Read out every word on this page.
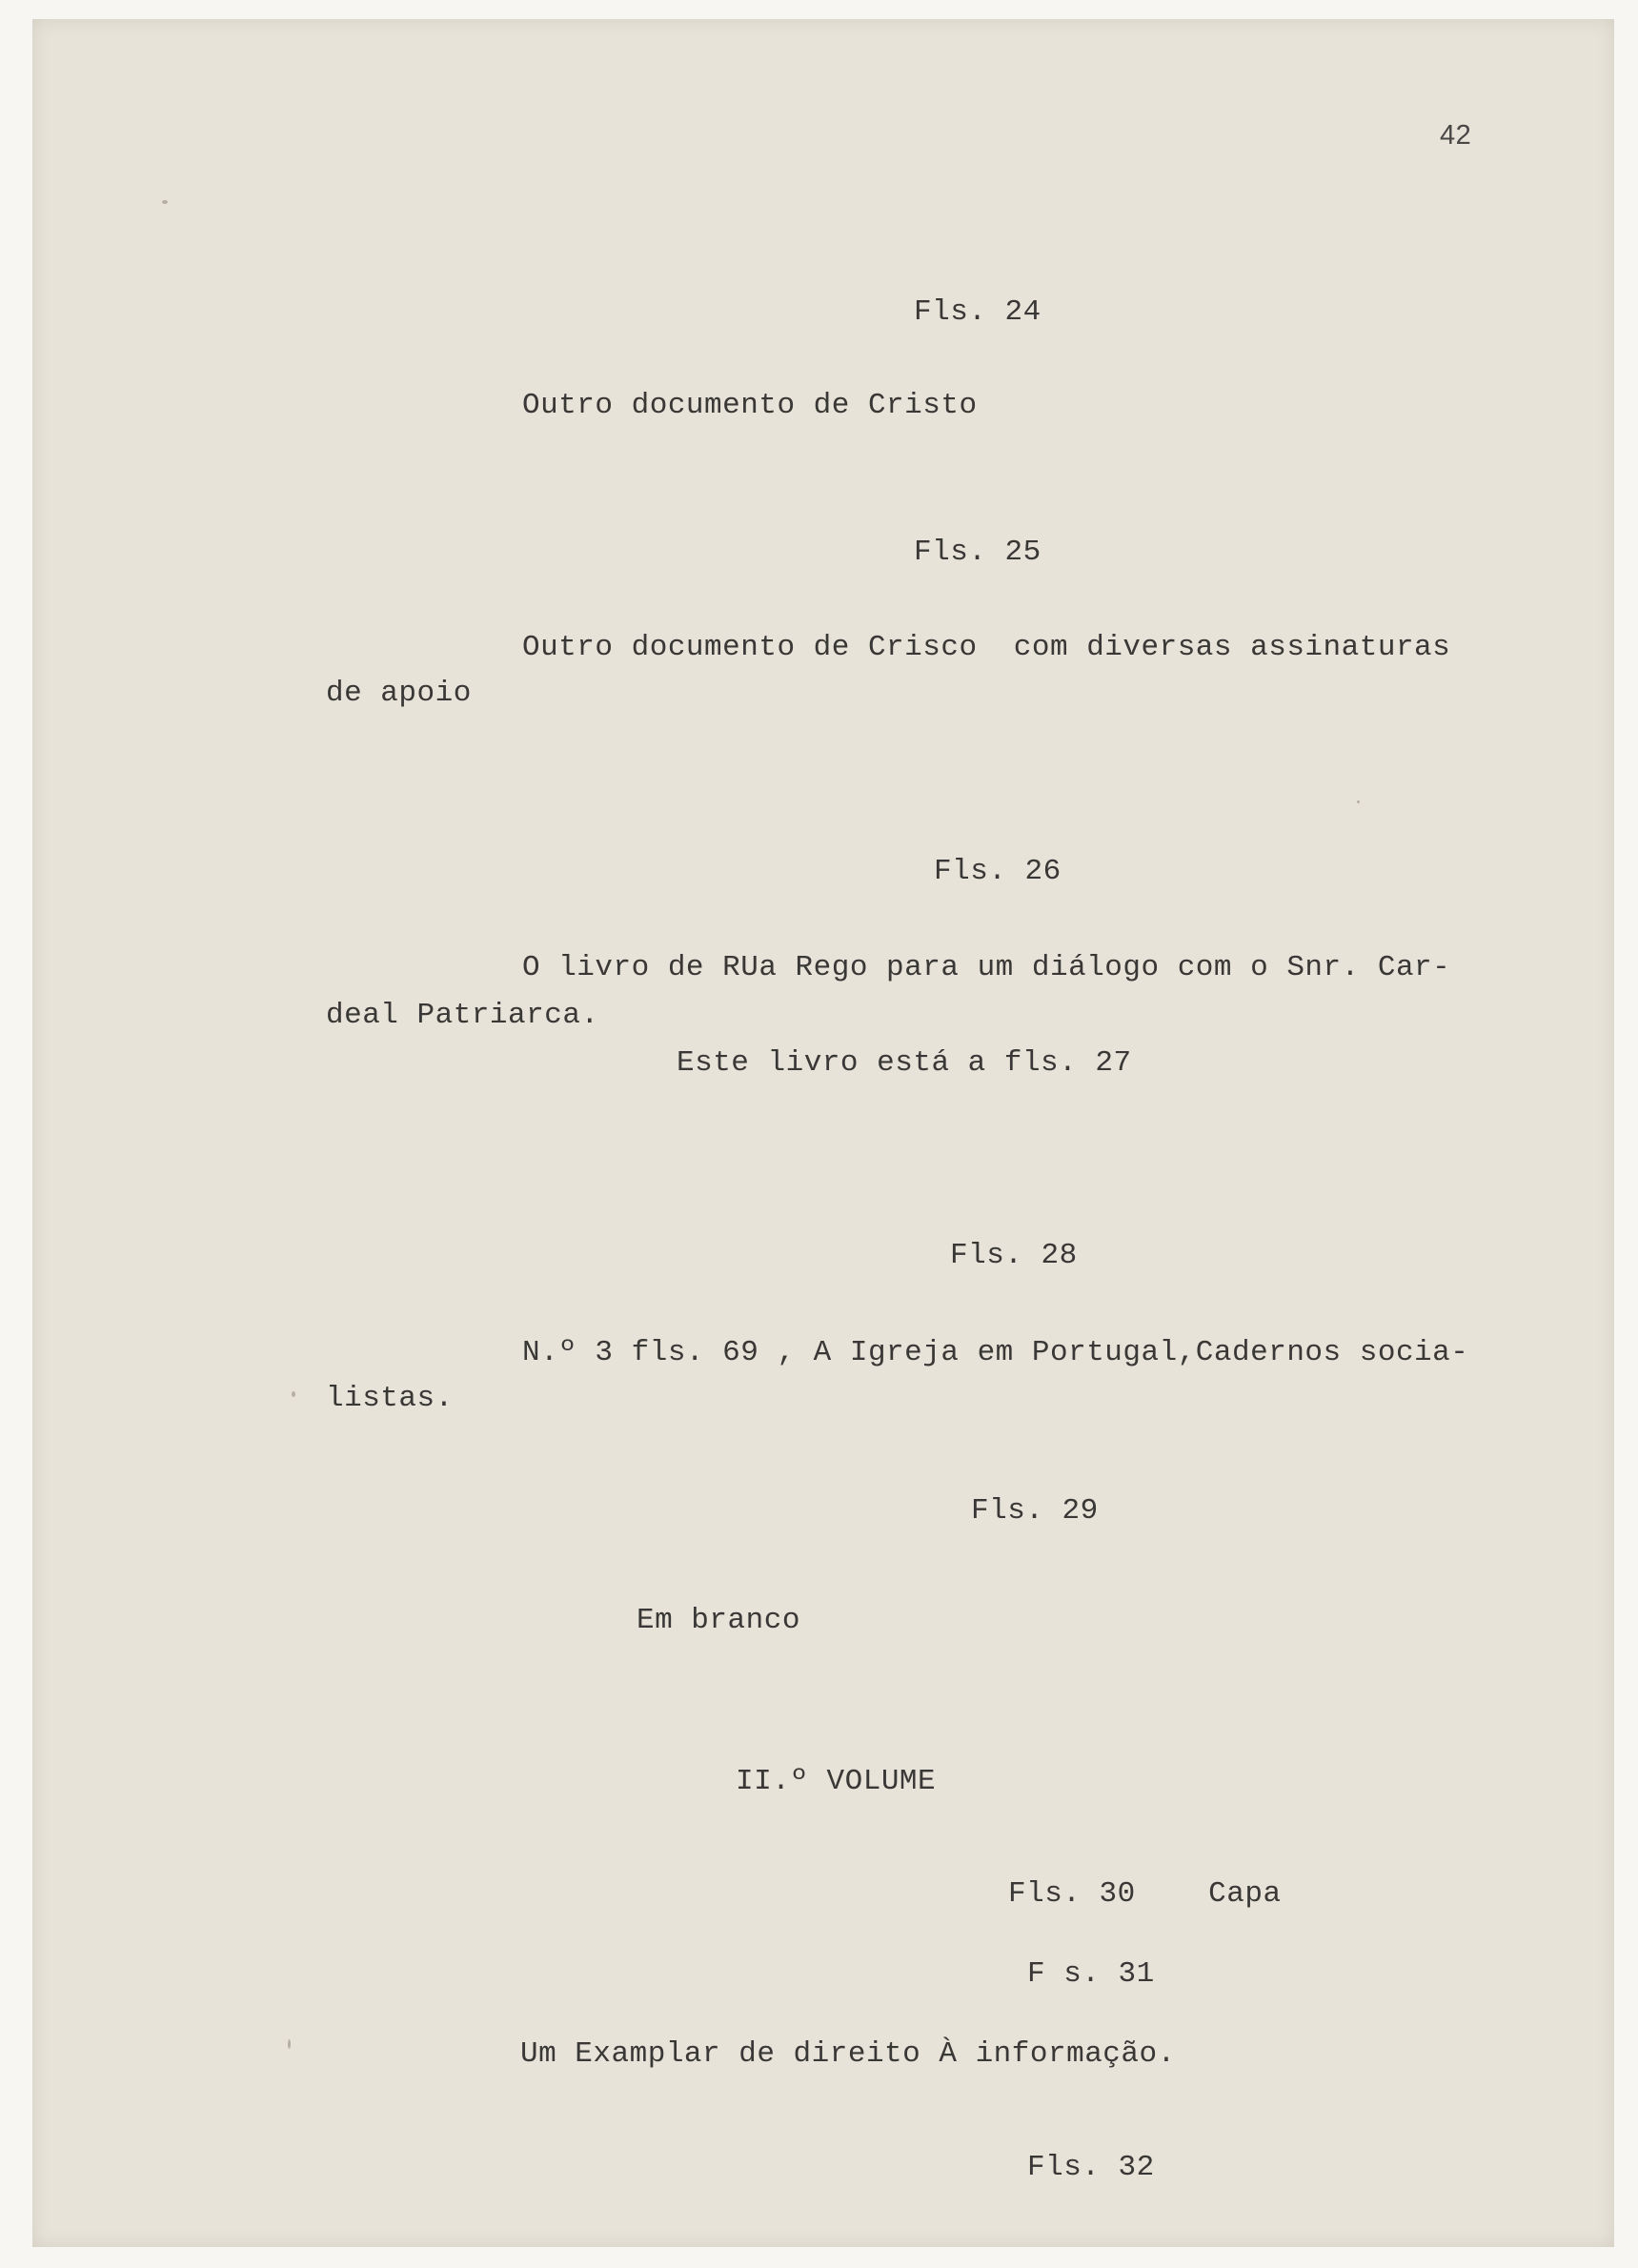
42
Fls. 24
Outro documento de Cristo
Fls. 25
Outro documento de Crisco  com diversas assinaturas
de apoio
Fls. 26
O livro de RUa Rego para um diálogo com o Snr. Car-
deal Patriarca.
Este livro está a fls. 27
Fls. 28
N.º 3 fls. 69 , A Igreja em Portugal,Cadernos socia-
listas.
Fls. 29
Em branco
II.º VOLUME
Fls. 30    Capa
F s. 31
Um Examplar de direito À informação.
Fls. 32
